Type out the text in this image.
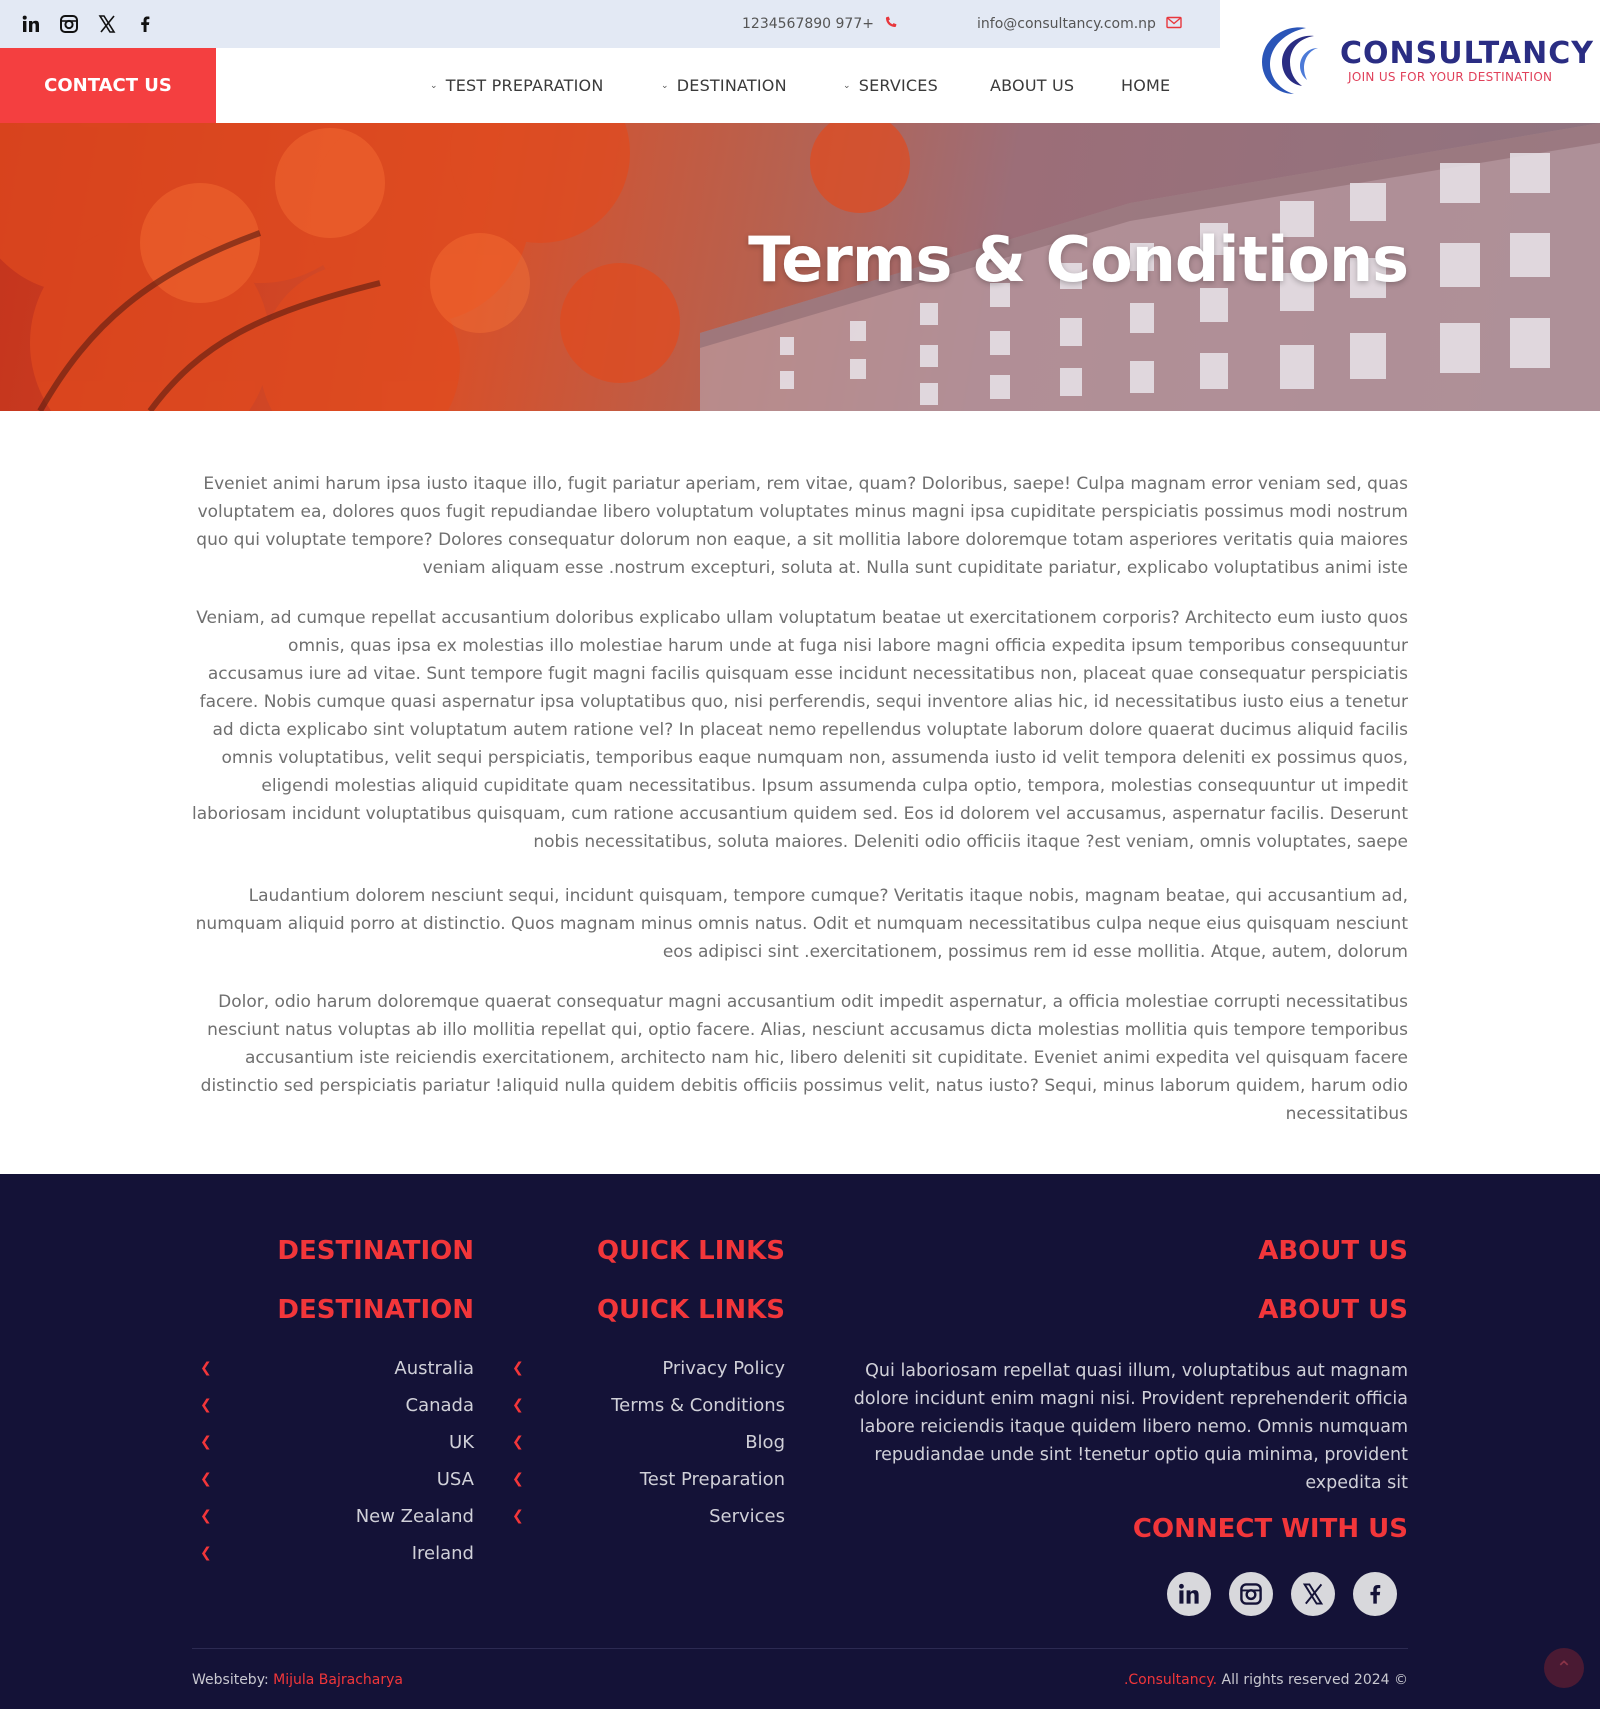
1234567890 977+	info@consultancy.com.np
CONSULTANCY
JOIN US FOR YOUR DESTINATION
CONTACT US	⌄ TEST PREPARATION	⌄ DESTINATION	⌄ SERVICES	ABOUT US	HOME
Terms & Conditions

Eveniet animi harum ipsa iusto itaque illo, fugit pariatur aperiam, rem vitae, quam? Doloribus, saepe! Culpa magnam error veniam sed, quas voluptatem ea, dolores quos fugit repudiandae libero voluptatum voluptates minus magni ipsa cupiditate perspiciatis possimus modi nostrum quo qui voluptate tempore? Dolores consequatur dolorum non eaque, a sit mollitia labore doloremque totam asperiores veritatis quia maiores veniam aliquam esse .nostrum excepturi, soluta at. Nulla sunt cupiditate pariatur, explicabo voluptatibus animi iste

Veniam, ad cumque repellat accusantium doloribus explicabo ullam voluptatum beatae ut exercitationem corporis? Architecto eum iusto quos omnis, quas ipsa ex molestias illo molestiae harum unde at fuga nisi labore magni officia expedita ipsum temporibus consequuntur accusamus iure ad vitae. Sunt tempore fugit magni facilis quisquam esse incidunt necessitatibus non, placeat quae consequatur perspiciatis facere. Nobis cumque quasi aspernatur ipsa voluptatibus quo, nisi perferendis, sequi inventore alias hic, id necessitatibus iusto eius a tenetur ad dicta explicabo sint voluptatum autem ratione vel? In placeat nemo repellendus voluptate laborum dolore quaerat ducimus aliquid facilis omnis voluptatibus, velit sequi perspiciatis, temporibus eaque numquam non, assumenda iusto id velit tempora deleniti ex possimus quos, eligendi molestias aliquid cupiditate quam necessitatibus. Ipsum assumenda culpa optio, tempora, molestias consequuntur ut impedit laboriosam incidunt voluptatibus quisquam, cum ratione accusantium quidem sed. Eos id dolorem vel accusamus, aspernatur facilis. Deserunt nobis necessitatibus, soluta maiores. Deleniti odio officiis itaque ?est veniam, omnis voluptates, saepe

Laudantium dolorem nesciunt sequi, incidunt quisquam, tempore cumque? Veritatis itaque nobis, magnam beatae, qui accusantium ad, numquam aliquid porro at distinctio. Quos magnam minus omnis natus. Odit et numquam necessitatibus culpa neque eius quisquam nesciunt eos adipisci sint .exercitationem, possimus rem id esse mollitia. Atque, autem, dolorum

Dolor, odio harum doloremque quaerat consequatur magni accusantium odit impedit aspernatur, a officia molestiae corrupti necessitatibus nesciunt natus voluptas ab illo mollitia repellat qui, optio facere. Alias, nesciunt accusamus dicta molestias mollitia quis tempore temporibus accusantium iste reiciendis exercitationem, architecto nam hic, libero deleniti sit cupiditate. Eveniet animi expedita vel quisquam facere distinctio sed perspiciatis pariatur !aliquid nulla quidem debitis officiis possimus velit, natus iusto? Sequi, minus laborum quidem, harum odio necessitatibus

DESTINATION
DESTINATION
❮	Australia
❮	Canada
❮	UK
❮	USA
❮	New Zealand
❮	Ireland
QUICK LINKS
QUICK LINKS
❮	Privacy Policy
❮	Terms & Conditions
❮	Blog
❮	Test Preparation
❮	Services
ABOUT US
ABOUT US
Qui laboriosam repellat quasi illum, voluptatibus aut magnam dolore incidunt enim magni nisi. Provident reprehenderit officia labore reiciendis itaque quidem libero nemo. Omnis numquam repudiandae unde sint !tenetur optio quia minima, provident expedita sit
CONNECT WITH US
Websiteby: Mijula Bajracharya	.Consultancy. All rights reserved 2024 ©	⌃
